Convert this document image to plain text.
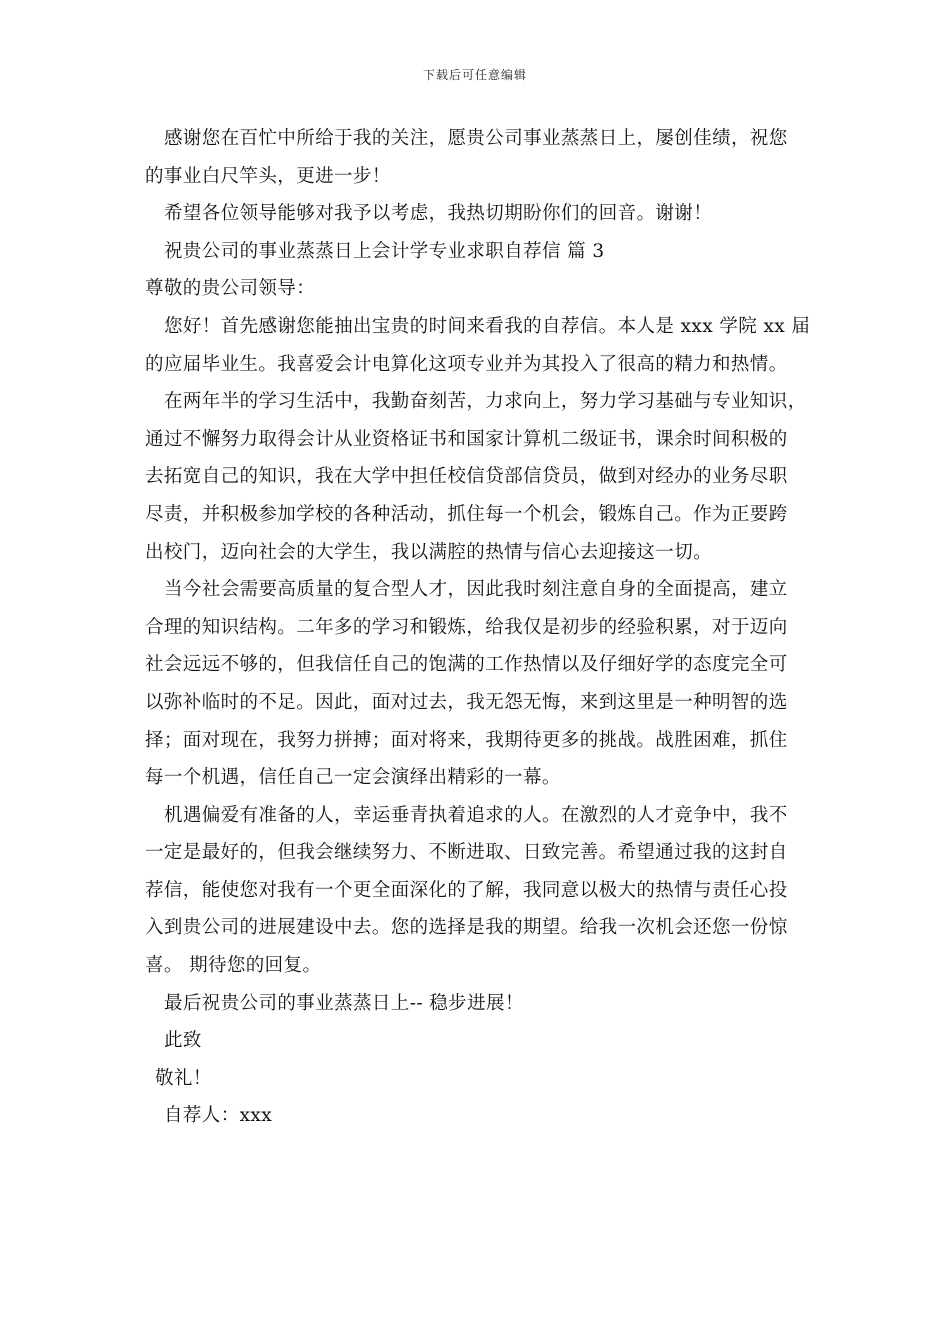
下载后可任意编辑
感谢您在百忙中所给于我的关注，愿贵公司事业蒸蒸日上，屡创佳绩，祝您
的事业白尺竿头，更进一步！
希望各位领导能够对我予以考虑，我热切期盼你们的回音。谢谢！
祝贵公司的事业蒸蒸日上会计学专业求职自荐信 篇 3
尊敬的贵公司领导：
您好！首先感谢您能抽出宝贵的时间来看我的自荐信。本人是 xxx 学院 xx 届
的应届毕业生。我喜爱会计电算化这项专业并为其投入了很高的精力和热情。
在两年半的学习生活中，我勤奋刻苦，力求向上，努力学习基础与专业知识，
通过不懈努力取得会计从业资格证书和国家计算机二级证书，课余时间积极的
去拓宽自己的知识，我在大学中担任校信贷部信贷员，做到对经办的业务尽职
尽责，并积极参加学校的各种活动，抓住每一个机会，锻炼自己。作为正要跨
出校门，迈向社会的大学生，我以满腔的热情与信心去迎接这一切。
当今社会需要高质量的复合型人才，因此我时刻注意自身的全面提高，建立
合理的知识结构。二年多的学习和锻炼，给我仅是初步的经验积累，对于迈向
社会远远不够的，但我信任自己的饱满的工作热情以及仔细好学的态度完全可
以弥补临时的不足。因此，面对过去，我无怨无悔，来到这里是一种明智的选
择；面对现在，我努力拼搏；面对将来，我期待更多的挑战。战胜困难，抓住
每一个机遇，信任自己一定会演绎出精彩的一幕。
机遇偏爱有准备的人，幸运垂青执着追求的人。在激烈的人才竞争中，我不
一定是最好的，但我会继续努力、不断进取、日致完善。希望通过我的这封自
荐信，能使您对我有一个更全面深化的了解，我同意以极大的热情与责任心投
入到贵公司的进展建设中去。您的选择是我的期望。给我一次机会还您一份惊
喜。 期待您的回复。
最后祝贵公司的事业蒸蒸日上-- 稳步进展！
此致
敬礼！
自荐人：xxx
